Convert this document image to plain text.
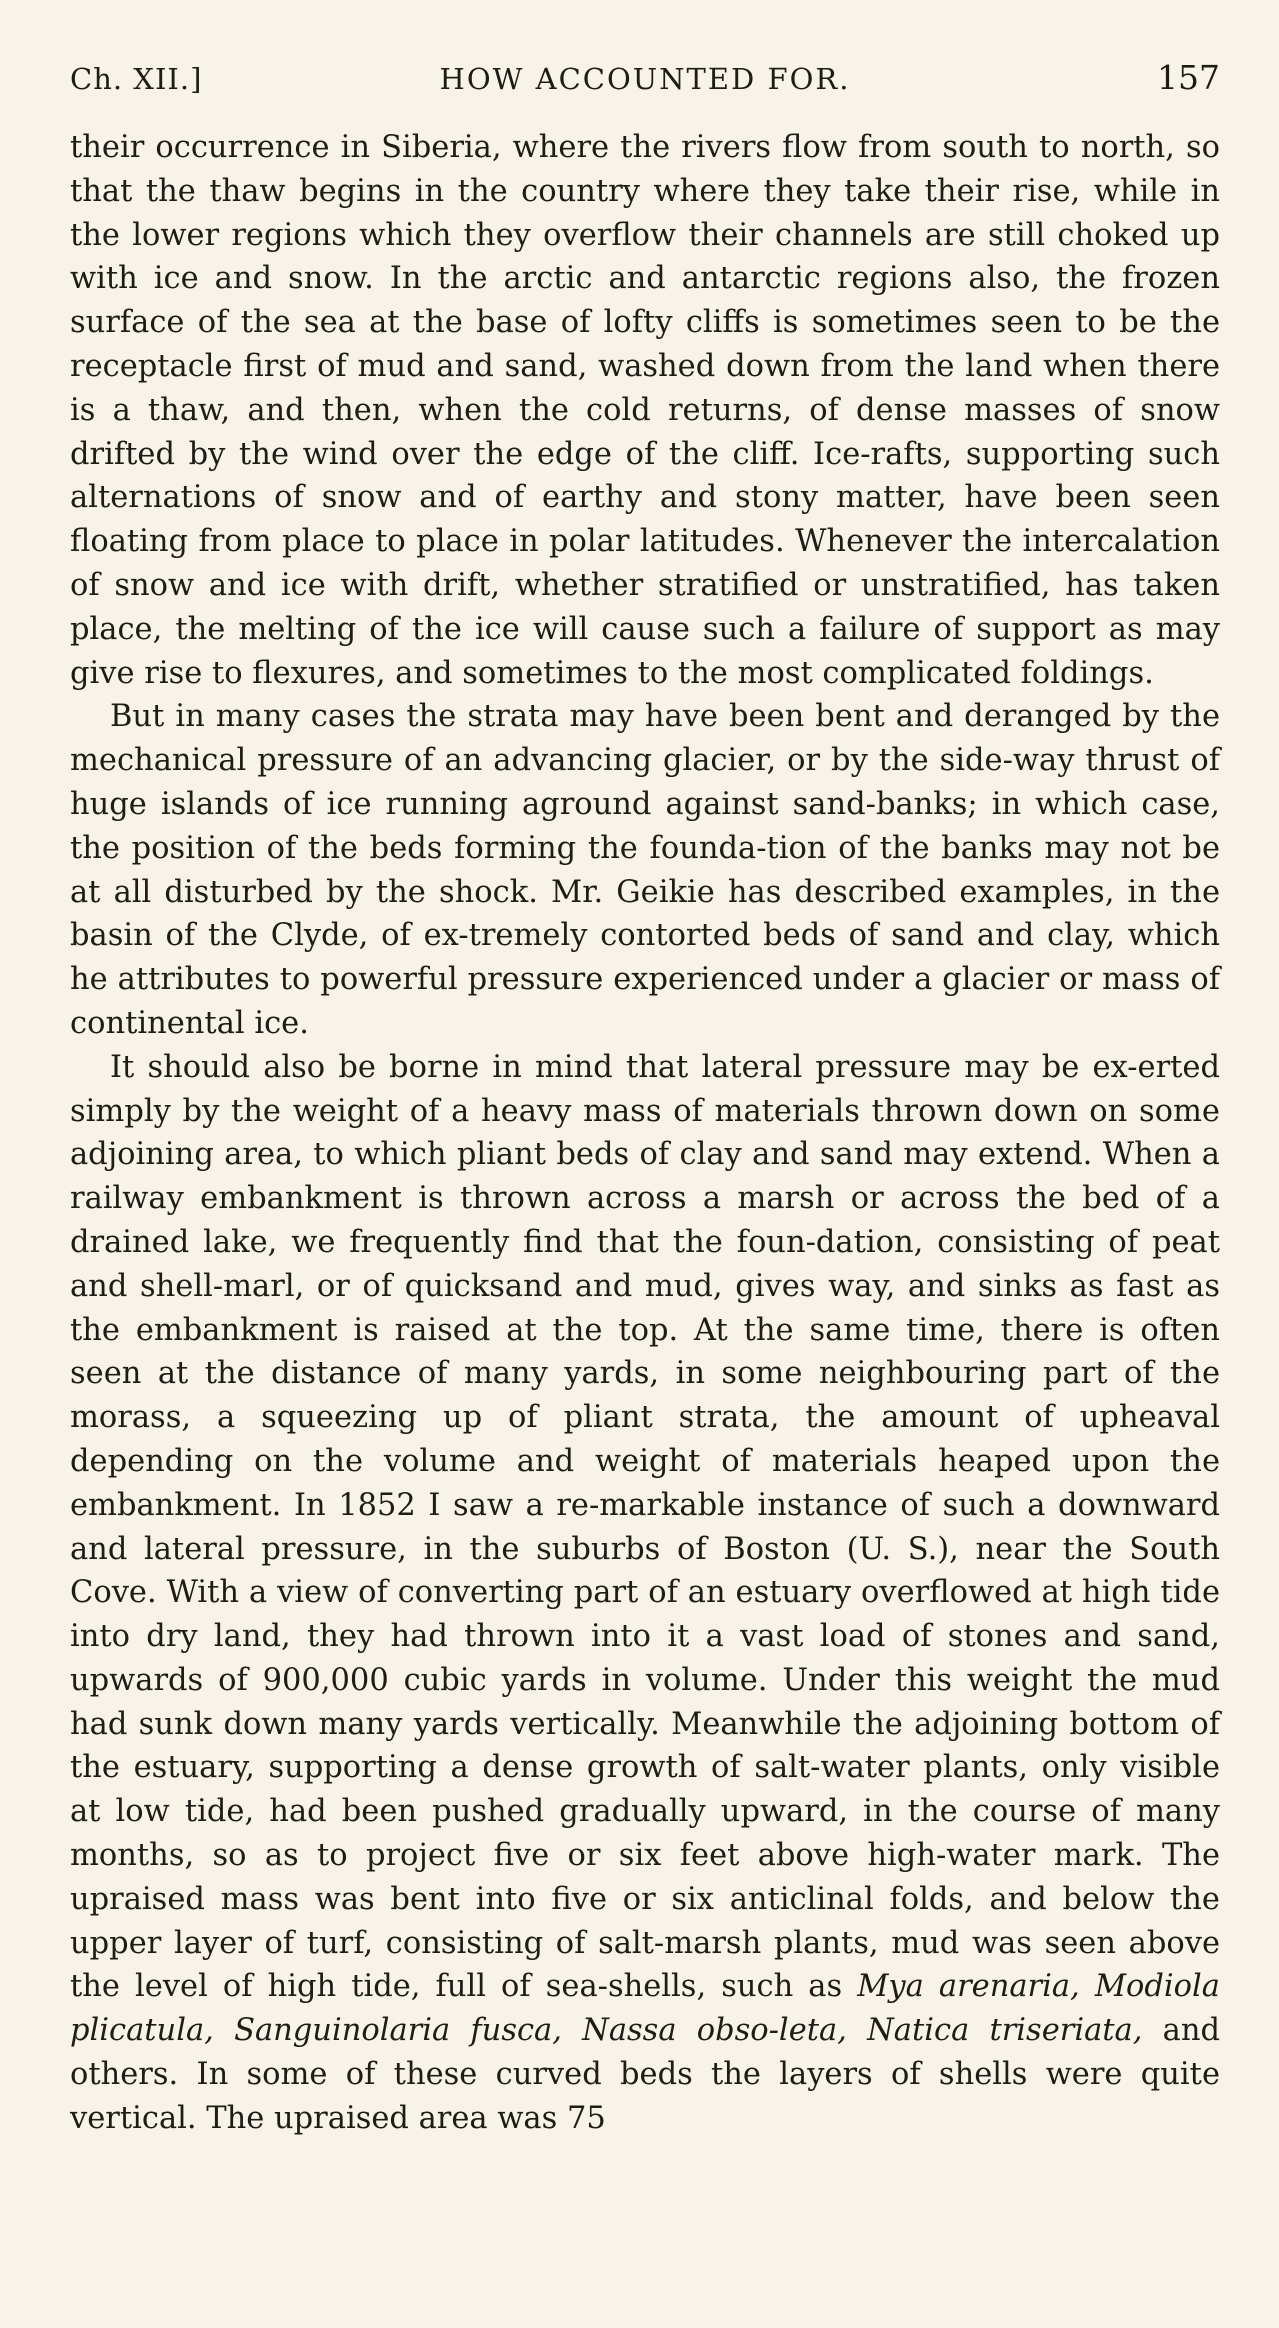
Ch. XII.]	HOW ACCOUNTED FOR.	157

their occurrence in Siberia, where the rivers flow from south to north, so that the thaw begins in the country where they take their rise, while in the lower regions which they overflow their channels are still choked up with ice and snow. In the arctic and antarctic regions also, the frozen surface of the sea at the base of lofty cliffs is sometimes seen to be the receptacle first of mud and sand, washed down from the land when there is a thaw, and then, when the cold returns, of dense masses of snow drifted by the wind over the edge of the cliff. Ice-rafts, supporting such alternations of snow and of earthy and stony matter, have been seen floating from place to place in polar latitudes. Whenever the intercalation of snow and ice with drift, whether stratified or unstratified, has taken place, the melting of the ice will cause such a failure of support as may give rise to flexures, and sometimes to the most complicated foldings.

But in many cases the strata may have been bent and deranged by the mechanical pressure of an advancing glacier, or by the side-way thrust of huge islands of ice running aground against sand-banks; in which case, the position of the beds forming the founda-tion of the banks may not be at all disturbed by the shock. Mr. Geikie has described examples, in the basin of the Clyde, of ex-tremely contorted beds of sand and clay, which he attributes to powerful pressure experienced under a glacier or mass of continental ice.

It should also be borne in mind that lateral pressure may be ex-erted simply by the weight of a heavy mass of materials thrown down on some adjoining area, to which pliant beds of clay and sand may extend. When a railway embankment is thrown across a marsh or across the bed of a drained lake, we frequently find that the foun-dation, consisting of peat and shell-marl, or of quicksand and mud, gives way, and sinks as fast as the embankment is raised at the top. At the same time, there is often seen at the distance of many yards, in some neighbouring part of the morass, a squeezing up of pliant strata, the amount of upheaval depending on the volume and weight of materials heaped upon the embankment. In 1852 I saw a re-markable instance of such a downward and lateral pressure, in the suburbs of Boston (U. S.), near the South Cove. With a view of converting part of an estuary overflowed at high tide into dry land, they had thrown into it a vast load of stones and sand, upwards of 900,000 cubic yards in volume. Under this weight the mud had sunk down many yards vertically. Meanwhile the adjoining bottom of the estuary, supporting a dense growth of salt-water plants, only visible at low tide, had been pushed gradually upward, in the course of many months, so as to project five or six feet above high-water mark. The upraised mass was bent into five or six anticlinal folds, and below the upper layer of turf, consisting of salt-marsh plants, mud was seen above the level of high tide, full of sea-shells, such as Mya arenaria, Modiola plicatula, Sanguinolaria fusca, Nassa obso-leta, Natica triseriata, and others. In some of these curved beds the layers of shells were quite vertical. The upraised area was 75
